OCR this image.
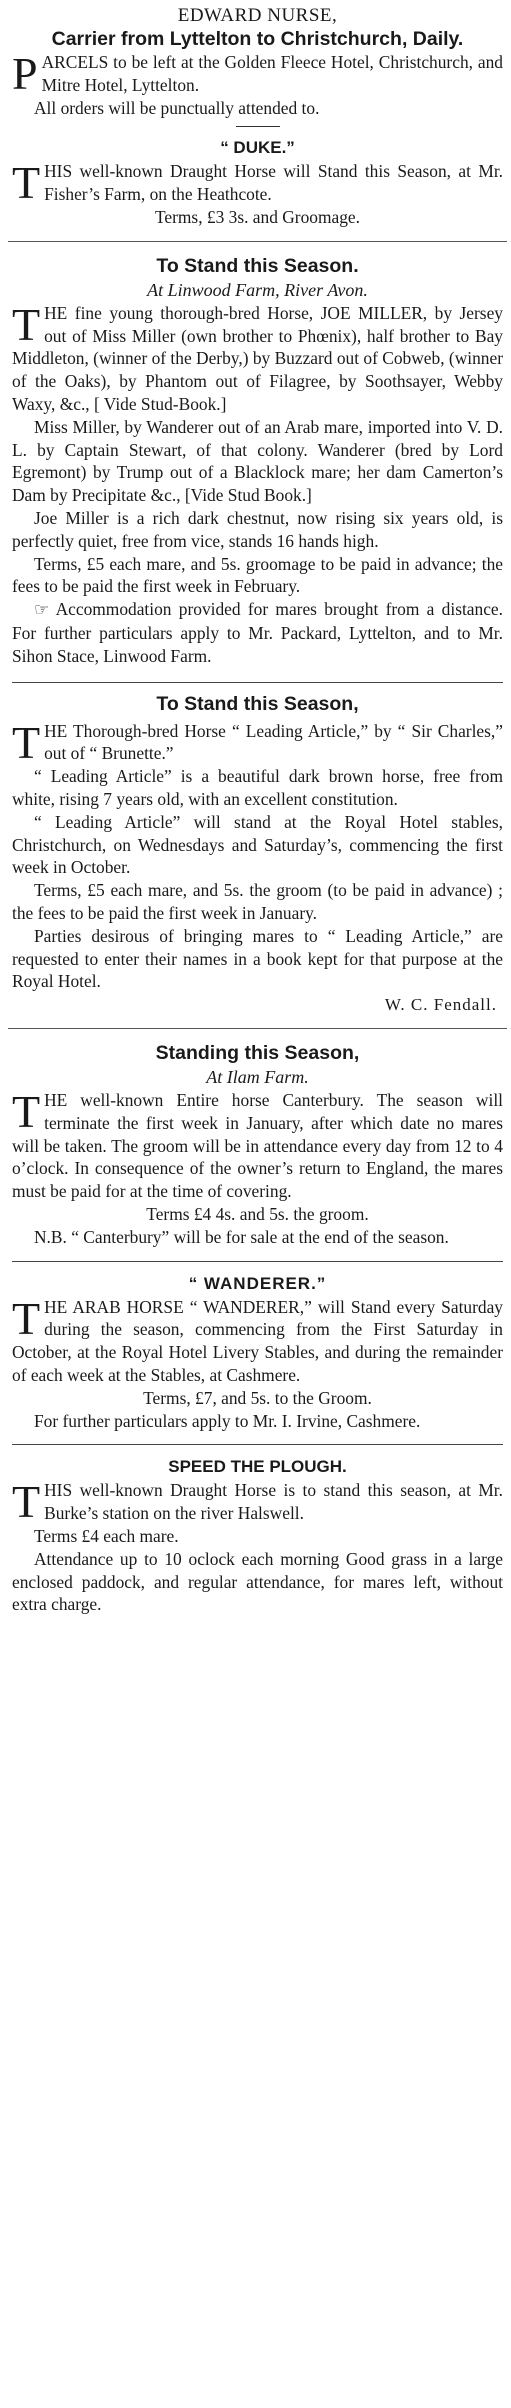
EDWARD NURSE,

Carrier from Lyttelton to Christchurch, Daily.

PARCELS to be left at the Golden Fleece Hotel, Christchurch, and Mitre Hotel, Lyttelton.

All orders will be punctually attended to.

“ DUKE.”

THIS well-known Draught Horse will Stand this Season, at Mr. Fisher’s Farm, on the Heathcote.

Terms, £3 3s. and Groomage.

To Stand this Season.

At Linwood Farm, River Avon.

THE fine young thorough-bred Horse, JOE MILLER, by Jersey out of Miss Miller (own brother to Phœnix), half brother to Bay Middleton, (winner of the Derby,) by Buzzard out of Cobweb, (winner of the Oaks), by Phantom out of Filagree, by Soothsayer, Webby Waxy, &c., [ Vide Stud-Book.]

Miss Miller, by Wanderer out of an Arab mare, imported into V. D. L. by Captain Stewart, of that colony. Wanderer (bred by Lord Egremont) by Trump out of a Blacklock mare; her dam Camerton’s Dam by Precipitate &c., [Vide Stud Book.]

Joe Miller is a rich dark chestnut, now rising six years old, is perfectly quiet, free from vice, stands 16 hands high.

Terms, £5 each mare, and 5s. groomage to be paid in advance; the fees to be paid the first week in February.

☞ Accommodation provided for mares brought from a distance. For further particulars apply to Mr. Packard, Lyttelton, and to Mr. Sihon Stace, Linwood Farm.

To Stand this Season,

THE Thorough-bred Horse “ Leading Article,” by “ Sir Charles,” out of “ Brunette.”

“ Leading Article” is a beautiful dark brown horse, free from white, rising 7 years old, with an excellent constitution.

“ Leading Article” will stand at the Royal Hotel stables, Christchurch, on Wednesdays and Saturday’s, commencing the first week in October.

Terms, £5 each mare, and 5s. the groom (to be paid in advance) ; the fees to be paid the first week in January.

Parties desirous of bringing mares to “ Leading Article,” are requested to enter their names in a book kept for that purpose at the Royal Hotel.

W. C. Fendall.

Standing this Season,

At Ilam Farm.

THE well-known Entire horse Canterbury. The season will terminate the first week in January, after which date no mares will be taken. The groom will be in attendance every day from 12 to 4 o’clock. In consequence of the owner’s return to England, the mares must be paid for at the time of covering.

Terms £4 4s. and 5s. the groom.

N.B. “ Canterbury” will be for sale at the end of the season.

“ WANDERER.”

THE ARAB HORSE “ WANDERER,” will Stand every Saturday during the season, commencing from the First Saturday in October, at the Royal Hotel Livery Stables, and during the remainder of each week at the Stables, at Cashmere.

Terms, £7, and 5s. to the Groom.

For further particulars apply to Mr. I. Irvine, Cashmere.

SPEED THE PLOUGH.

THIS well-known Draught Horse is to stand this season, at Mr. Burke’s station on the river Halswell.

Terms £4 each mare.

Attendance up to 10 oclock each morning Good grass in a large enclosed paddock, and regular attendance, for mares left, without extra charge.
